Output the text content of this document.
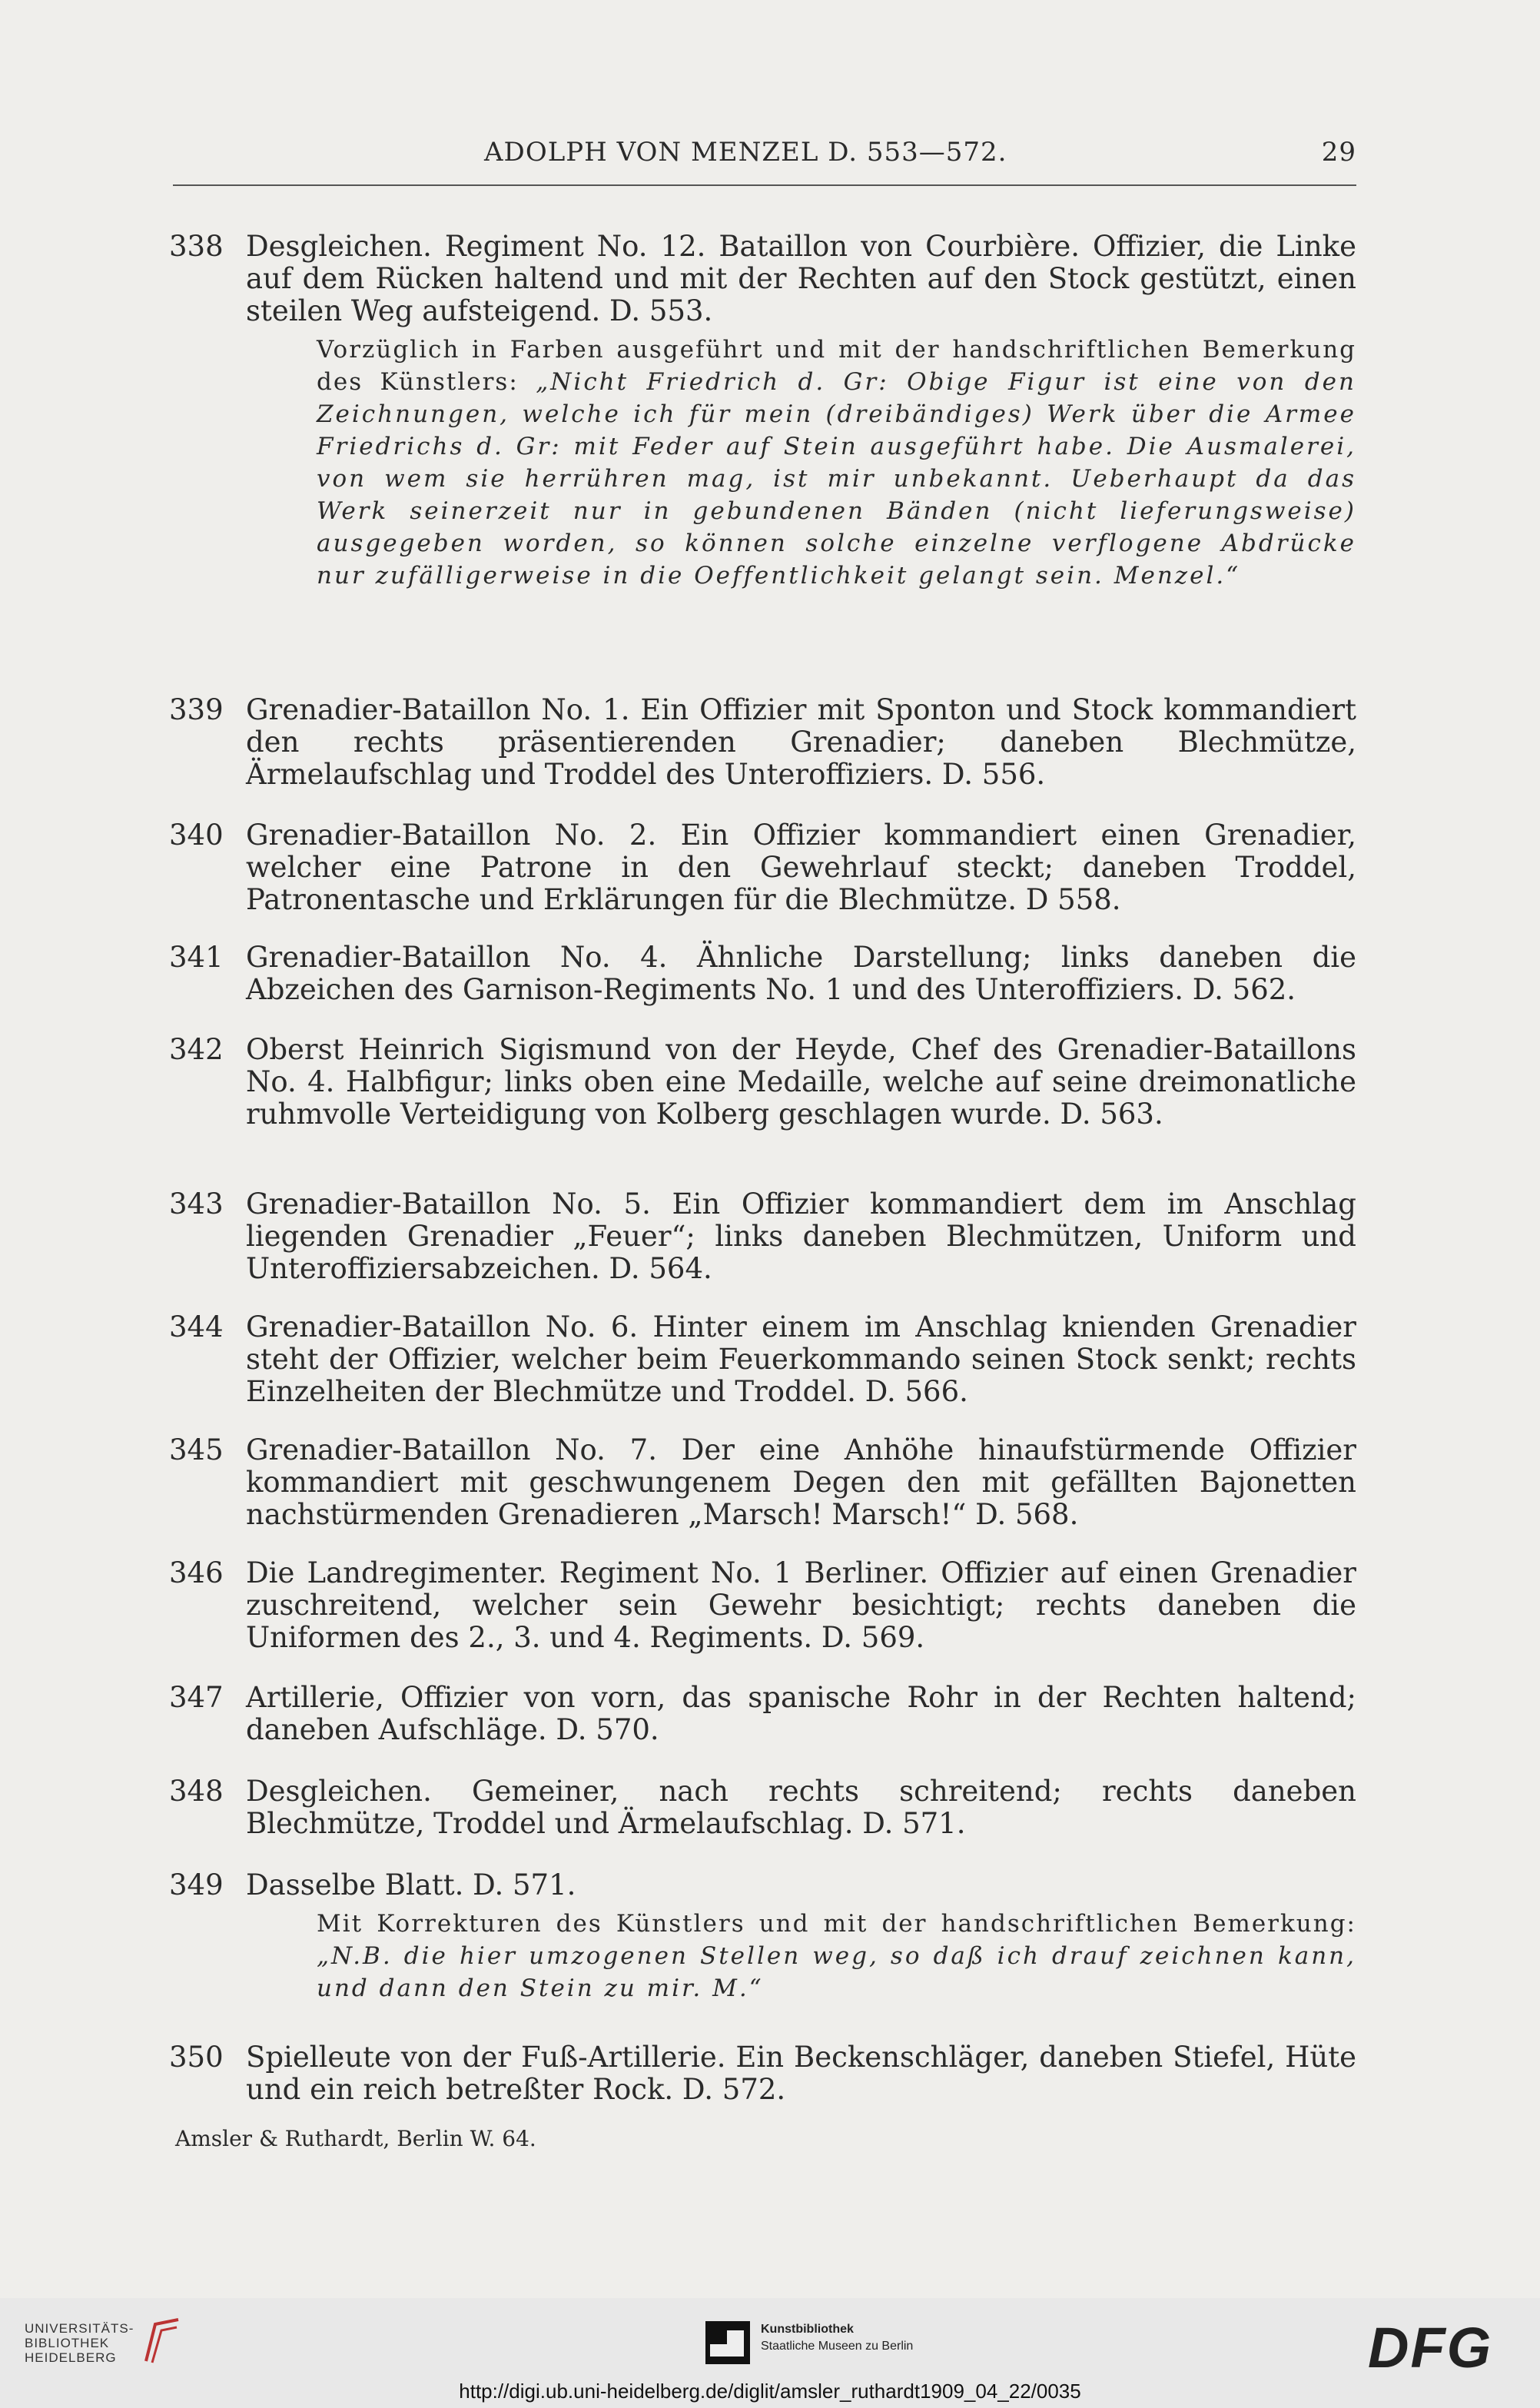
ADOLPH VON MENZEL D. 553—572.	29
338 Desgleichen. Regiment No. 12. Bataillon von Courbière. Offizier, die Linke auf dem Rücken haltend und mit der Rechten auf den Stock gestützt, einen steilen Weg aufsteigend. D. 553.
Vorzüglich in Farben ausgeführt und mit der handschriftlichen Bemerkung des Künstlers: „Nicht Friedrich d. Gr: Obige Figur ist eine von den Zeichnungen, welche ich für mein (dreibändiges) Werk über die Armee Friedrichs d. Gr: mit Feder auf Stein ausgeführt habe. Die Ausmalerei, von wem sie herrühren mag, ist mir unbekannt. Ueberhaupt da das Werk seinerzeit nur in gebundenen Bänden (nicht lieferungsweise) ausgegeben worden, so können solche einzelne verflogene Abdrücke nur zufälligerweise in die Oeffentlichkeit gelangt sein. Menzel.“
339 Grenadier-Bataillon No. 1. Ein Offizier mit Sponton und Stock kommandiert den rechts präsentierenden Grenadier; daneben Blechmütze, Ärmelaufschlag und Troddel des Unteroffiziers. D. 556.
340 Grenadier-Bataillon No. 2. Ein Offizier kommandiert einen Grenadier, welcher eine Patrone in den Gewehrlauf steckt; daneben Troddel, Patronentasche und Erklärungen für die Blechmütze. D 558.
341 Grenadier-Bataillon No. 4. Ähnliche Darstellung; links daneben die Abzeichen des Garnison-Regiments No. 1 und des Unteroffiziers. D. 562.
342 Oberst Heinrich Sigismund von der Heyde, Chef des Grenadier-Bataillons No. 4. Halbfigur; links oben eine Medaille, welche auf seine dreimonatliche ruhmvolle Verteidigung von Kolberg geschlagen wurde. D. 563.
343 Grenadier-Bataillon No. 5. Ein Offizier kommandiert dem im Anschlag liegenden Grenadier „Feuer“; links daneben Blechmützen, Uniform und Unteroffiziersabzeichen. D. 564.
344 Grenadier-Bataillon No. 6. Hinter einem im Anschlag knienden Grenadier steht der Offizier, welcher beim Feuerkommando seinen Stock senkt; rechts Einzelheiten der Blechmütze und Troddel. D. 566.
345 Grenadier-Bataillon No. 7. Der eine Anhöhe hinaufstürmende Offizier kommandiert mit geschwungenem Degen den mit gefällten Bajonetten nachstürmenden Grenadieren „Marsch! Marsch!“ D. 568.
346 Die Landregimenter. Regiment No. 1 Berliner. Offizier auf einen Grenadier zuschreitend, welcher sein Gewehr besichtigt; rechts daneben die Uniformen des 2., 3. und 4. Regiments. D. 569.
347 Artillerie, Offizier von vorn, das spanische Rohr in der Rechten haltend; daneben Aufschläge. D. 570.
348 Desgleichen. Gemeiner, nach rechts schreitend; rechts daneben Blechmütze, Troddel und Ärmelaufschlag. D. 571.
349 Dasselbe Blatt. D. 571.
Mit Korrekturen des Künstlers und mit der handschriftlichen Bemerkung: „N.B. die hier umzogenen Stellen weg, so daß ich drauf zeichnen kann, und dann den Stein zu mir. M.“
350 Spielleute von der Fuß-Artillerie. Ein Beckenschläger, daneben Stiefel, Hüte und ein reich betreßter Rock. D. 572.
Amsler & Ruthardt, Berlin W. 64.
UNIVERSITÄTS-
BIBLIOTHEK
HEIDELBERG
Kunstbibliothek
Staatliche Museen zu Berlin	DFG
http://digi.ub.uni-heidelberg.de/diglit/amsler_ruthardt1909_04_22/0035
